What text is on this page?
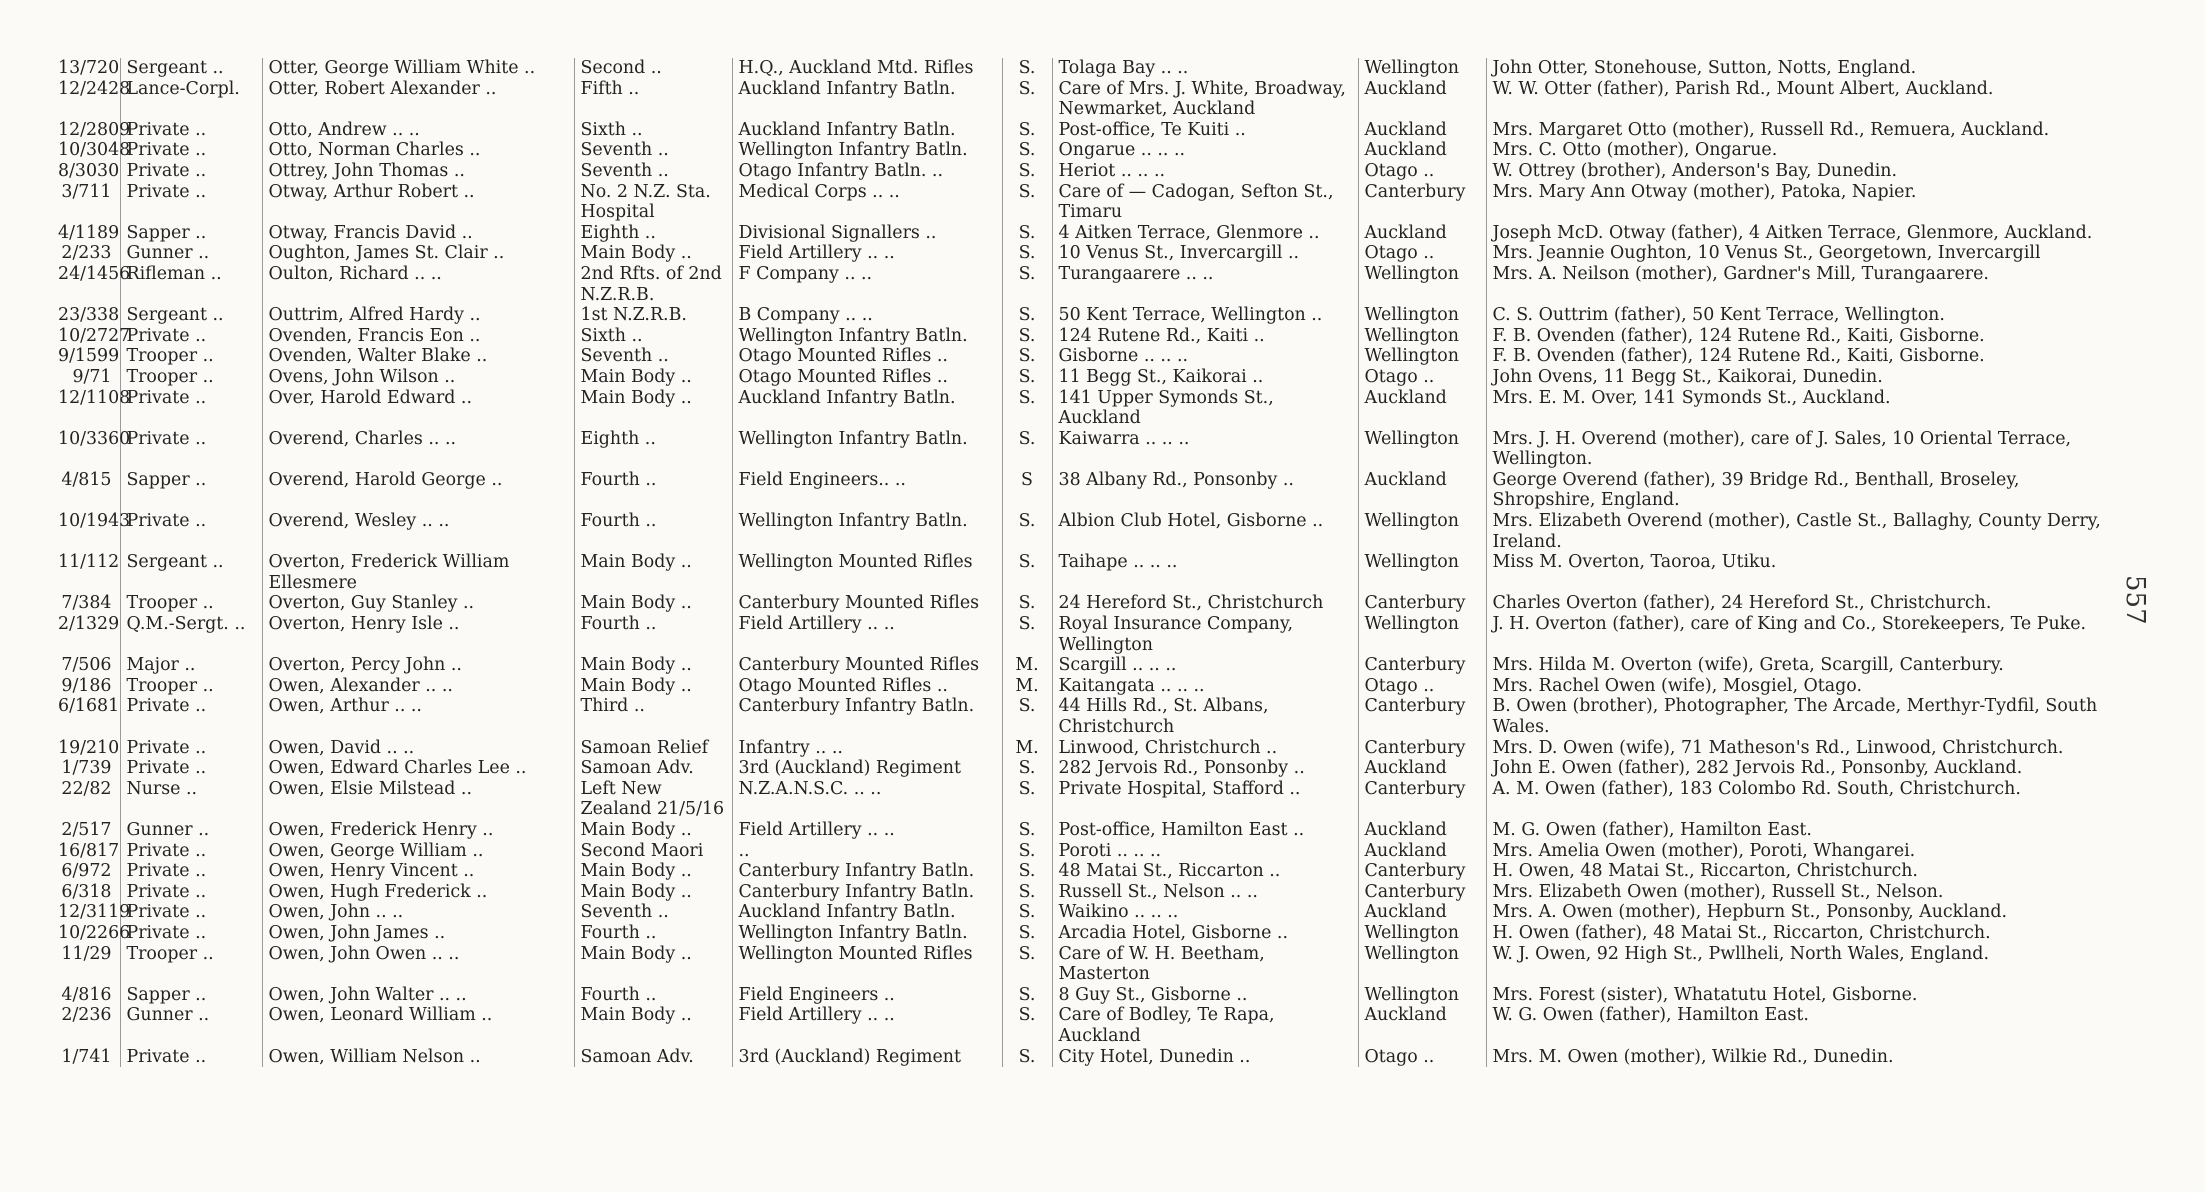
13/720	Sergeant ..	Otter, George William White ..	Second ..	H.Q., Auckland Mtd. Rifles	S.	Tolaga Bay .. ..	Wellington	John Otter, Stonehouse, Sutton, Notts, England.

12/2428	Lance-Corpl.	Otter, Robert Alexander ..	Fifth ..	Auckland Infantry Batln.	S.	Care of Mrs. J. White, Broadway, Newmarket, Auckland	Auckland	W. W. Otter (father), Parish Rd., Mount Albert, Auckland.

12/2809	Private ..	Otto, Andrew .. ..	Sixth ..	Auckland Infantry Batln.	S.	Post-office, Te Kuiti ..	Auckland	Mrs. Margaret Otto (mother), Russell Rd., Remuera, Auckland.

10/3048	Private ..	Otto, Norman Charles ..	Seventh ..	Wellington Infantry Batln.	S.	Ongarue .. .. ..	Auckland	Mrs. C. Otto (mother), Ongarue.

8/3030	Private ..	Ottrey, John Thomas ..	Seventh ..	Otago Infantry Batln. ..	S.	Heriot .. .. ..	Otago ..	W. Ottrey (brother), Anderson's Bay, Dunedin.

3/711	Private ..	Otway, Arthur Robert ..	No. 2 N.Z. Sta. Hospital	Medical Corps .. ..	S.	Care of — Cadogan, Sefton St., Timaru	Canterbury	Mrs. Mary Ann Otway (mother), Patoka, Napier.

4/1189	Sapper ..	Otway, Francis David ..	Eighth ..	Divisional Signallers ..	S.	4 Aitken Terrace, Glenmore ..	Auckland	Joseph McD. Otway (father), 4 Aitken Terrace, Glenmore, Auckland.

2/233	Gunner ..	Oughton, James St. Clair ..	Main Body ..	Field Artillery .. ..	S.	10 Venus St., Invercargill ..	Otago ..	Mrs. Jeannie Oughton, 10 Venus St., Georgetown, Invercargill

24/1456	Rifleman ..	Oulton, Richard .. ..	2nd Rfts. of 2nd N.Z.R.B.	F Company .. ..	S.	Turangaarere .. ..	Wellington	Mrs. A. Neilson (mother), Gardner's Mill, Turangaarere.

23/338	Sergeant ..	Outtrim, Alfred Hardy ..	1st N.Z.R.B.	B Company .. ..	S.	50 Kent Terrace, Wellington ..	Wellington	C. S. Outtrim (father), 50 Kent Terrace, Wellington.

10/2727	Private ..	Ovenden, Francis Eon ..	Sixth ..	Wellington Infantry Batln.	S.	124 Rutene Rd., Kaiti ..	Wellington	F. B. Ovenden (father), 124 Rutene Rd., Kaiti, Gisborne.

9/1599	Trooper ..	Ovenden, Walter Blake ..	Seventh ..	Otago Mounted Rifles ..	S.	Gisborne .. .. ..	Wellington	F. B. Ovenden (father), 124 Rutene Rd., Kaiti, Gisborne.

9/71	Trooper ..	Ovens, John Wilson ..	Main Body ..	Otago Mounted Rifles ..	S.	11 Begg St., Kaikorai ..	Otago ..	John Ovens, 11 Begg St., Kaikorai, Dunedin.

12/1108	Private ..	Over, Harold Edward ..	Main Body ..	Auckland Infantry Batln.	S.	141 Upper Symonds St., Auckland	Auckland	Mrs. E. M. Over, 141 Symonds St., Auckland.

10/3360	Private ..	Overend, Charles .. ..	Eighth ..	Wellington Infantry Batln.	S.	Kaiwarra .. .. ..	Wellington	Mrs. J. H. Overend (mother), care of J. Sales, 10 Oriental Terrace, Wellington.

4/815	Sapper ..	Overend, Harold George ..	Fourth ..	Field Engineers.. ..	S	38 Albany Rd., Ponsonby ..	Auckland	George Overend (father), 39 Bridge Rd., Benthall, Broseley, Shropshire, England.

10/1943	Private ..	Overend, Wesley .. ..	Fourth ..	Wellington Infantry Batln.	S.	Albion Club Hotel, Gisborne ..	Wellington	Mrs. Elizabeth Overend (mother), Castle St., Ballaghy, County Derry, Ireland.

11/112	Sergeant ..	Overton, Frederick William Ellesmere	Main Body ..	Wellington Mounted Rifles	S.	Taihape .. .. ..	Wellington	Miss M. Overton, Taoroa, Utiku.

7/384	Trooper ..	Overton, Guy Stanley ..	Main Body ..	Canterbury Mounted Rifles	S.	24 Hereford St., Christchurch	Canterbury	Charles Overton (father), 24 Hereford St., Christchurch.

2/1329	Q.M.-Sergt. ..	Overton, Henry Isle ..	Fourth ..	Field Artillery .. ..	S.	Royal Insurance Company, Wellington	Wellington	J. H. Overton (father), care of King and Co., Storekeepers, Te Puke.

7/506	Major ..	Overton, Percy John ..	Main Body ..	Canterbury Mounted Rifles	M.	Scargill .. .. ..	Canterbury	Mrs. Hilda M. Overton (wife), Greta, Scargill, Canterbury.

9/186	Trooper ..	Owen, Alexander .. ..	Main Body ..	Otago Mounted Rifles ..	M.	Kaitangata .. .. ..	Otago ..	Mrs. Rachel Owen (wife), Mosgiel, Otago.

6/1681	Private ..	Owen, Arthur .. ..	Third ..	Canterbury Infantry Batln.	S.	44 Hills Rd., St. Albans, Christchurch	Canterbury	B. Owen (brother), Photographer, The Arcade, Merthyr-Tydfil, South Wales.

19/210	Private ..	Owen, David .. ..	Samoan Relief	Infantry .. ..	M.	Linwood, Christchurch ..	Canterbury	Mrs. D. Owen (wife), 71 Matheson's Rd., Linwood, Christchurch.

1/739	Private ..	Owen, Edward Charles Lee ..	Samoan Adv.	3rd (Auckland) Regiment	S.	282 Jervois Rd., Ponsonby ..	Auckland	John E. Owen (father), 282 Jervois Rd., Ponsonby, Auckland.

22/82	Nurse ..	Owen, Elsie Milstead ..	Left New Zealand 21/5/16	N.Z.A.N.S.C. .. ..	S.	Private Hospital, Stafford ..	Canterbury	A. M. Owen (father), 183 Colombo Rd. South, Christchurch.

2/517	Gunner ..	Owen, Frederick Henry ..	Main Body ..	Field Artillery .. ..	S.	Post-office, Hamilton East ..	Auckland	M. G. Owen (father), Hamilton East.

16/817	Private ..	Owen, George William ..	Second Maori	..	S.	Poroti .. .. ..	Auckland	Mrs. Amelia Owen (mother), Poroti, Whangarei.

6/972	Private ..	Owen, Henry Vincent ..	Main Body ..	Canterbury Infantry Batln.	S.	48 Matai St., Riccarton ..	Canterbury	H. Owen, 48 Matai St., Riccarton, Christchurch.

6/318	Private ..	Owen, Hugh Frederick ..	Main Body ..	Canterbury Infantry Batln.	S.	Russell St., Nelson .. ..	Canterbury	Mrs. Elizabeth Owen (mother), Russell St., Nelson.

12/3119	Private ..	Owen, John .. ..	Seventh ..	Auckland Infantry Batln.	S.	Waikino .. .. ..	Auckland	Mrs. A. Owen (mother), Hepburn St., Ponsonby, Auckland.

10/2266	Private ..	Owen, John James ..	Fourth ..	Wellington Infantry Batln.	S.	Arcadia Hotel, Gisborne ..	Wellington	H. Owen (father), 48 Matai St., Riccarton, Christchurch.

11/29	Trooper ..	Owen, John Owen .. ..	Main Body ..	Wellington Mounted Rifles	S.	Care of W. H. Beetham, Masterton	Wellington	W. J. Owen, 92 High St., Pwllheli, North Wales, England.

4/816	Sapper ..	Owen, John Walter .. ..	Fourth ..	Field Engineers ..	S.	8 Guy St., Gisborne ..	Wellington	Mrs. Forest (sister), Whatatutu Hotel, Gisborne.

2/236	Gunner ..	Owen, Leonard William ..	Main Body ..	Field Artillery .. ..	S.	Care of Bodley, Te Rapa, Auckland	Auckland	W. G. Owen (father), Hamilton East.

1/741	Private ..	Owen, William Nelson ..	Samoan Adv.	3rd (Auckland) Regiment	S.	City Hotel, Dunedin ..	Otago ..	Mrs. M. Owen (mother), Wilkie Rd., Dunedin.
557
